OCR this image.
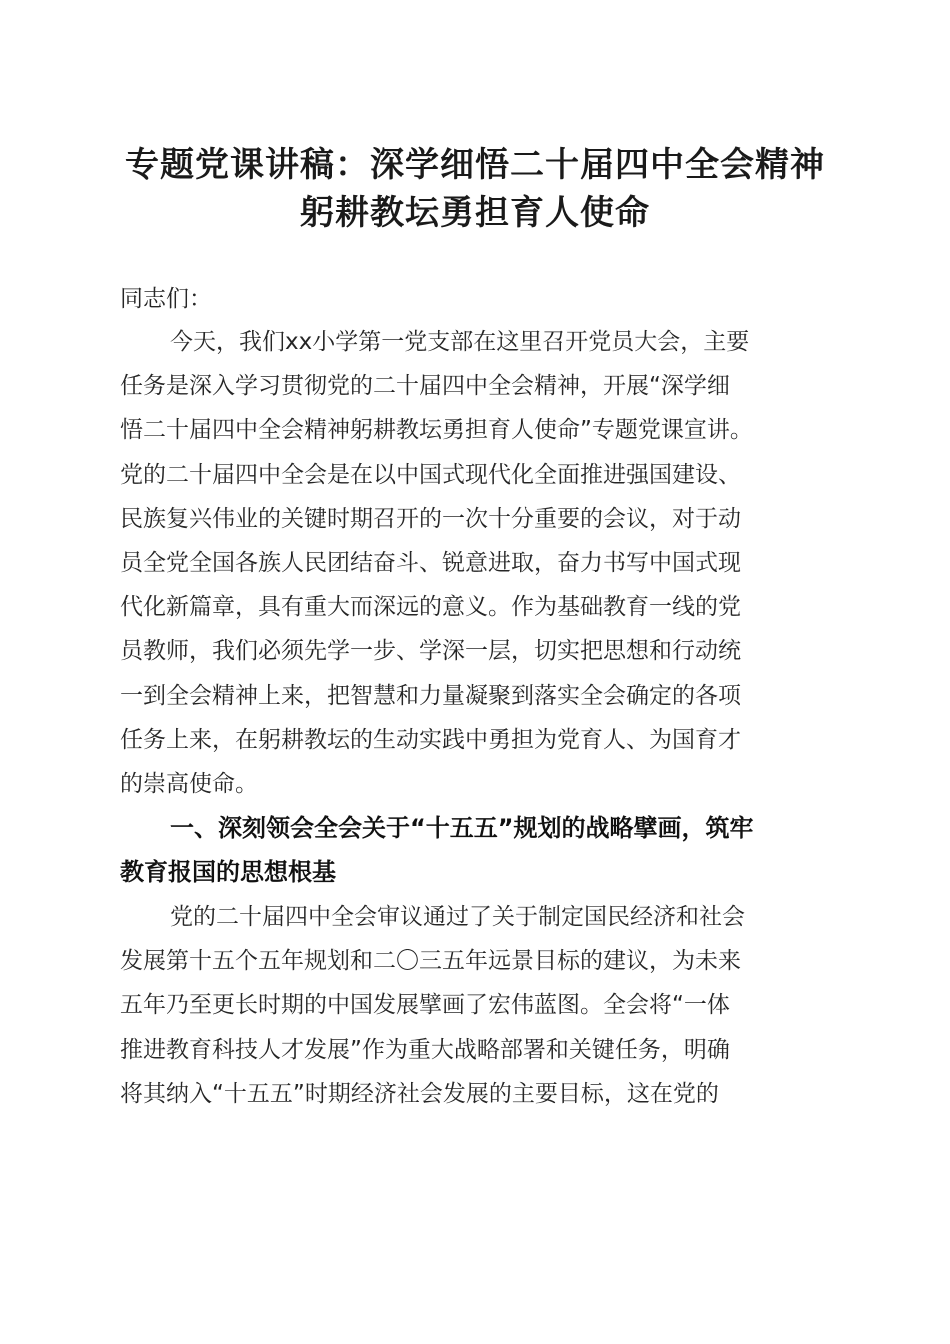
专题党课讲稿：深学细悟二十届四中全会精神
躬耕教坛勇担育人使命
同志们：
今天，我们xx小学第一党支部在这里召开党员大会，主要
任务是深入学习贯彻党的二十届四中全会精神，开展“深学细
悟二十届四中全会精神躬耕教坛勇担育人使命”专题党课宣讲。
党的二十届四中全会是在以中国式现代化全面推进强国建设、
民族复兴伟业的关键时期召开的一次十分重要的会议，对于动
员全党全国各族人民团结奋斗、锐意进取，奋力书写中国式现
代化新篇章，具有重大而深远的意义。作为基础教育一线的党
员教师，我们必须先学一步、学深一层，切实把思想和行动统
一到全会精神上来，把智慧和力量凝聚到落实全会确定的各项
任务上来，在躬耕教坛的生动实践中勇担为党育人、为国育才
的崇高使命。
一、深刻领会全会关于“十五五”规划的战略擘画，筑牢
教育报国的思想根基
党的二十届四中全会审议通过了关于制定国民经济和社会
发展第十五个五年规划和二〇三五年远景目标的建议，为未来
五年乃至更长时期的中国发展擘画了宏伟蓝图。全会将“一体
推进教育科技人才发展”作为重大战略部署和关键任务，明确
将其纳入“十五五”时期经济社会发展的主要目标，这在党的
